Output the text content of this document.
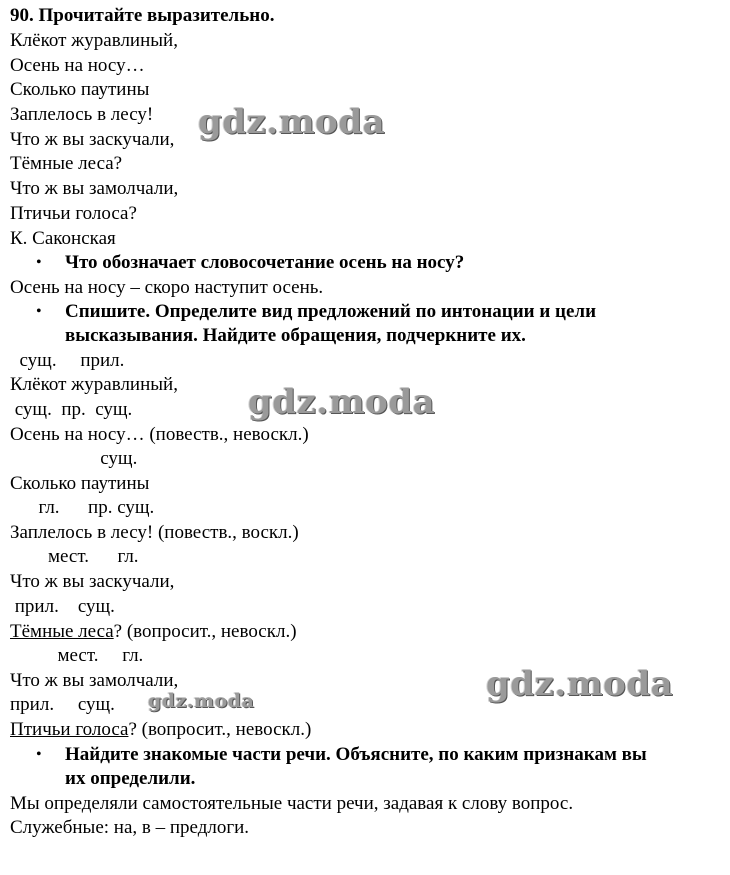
90. Прочитайте выразительно.
Клёкот журавлиный,
Осень на носу…
Сколько паутины
Заплелось в лесу!
Что ж вы заскучали,
Тёмные леса?
Что ж вы замолчали,
Птичьи голоса?
К. Саконская
• Что обозначает словосочетание осень на носу?
Осень на носу – скоро наступит осень.
• Спишите. Определите вид предложений по интонации и цели
высказывания. Найдите обращения, подчеркните их.
сущ.     прил.
Клёкот журавлиный,
сущ.  пр.  сущ.
Осень на носу… (повеств., невоскл.)
сущ.
Сколько паутины
гл.      пр. сущ.
Заплелось в лесу! (повеств., воскл.)
мест.      гл.
Что ж вы заскучали,
прил.    сущ.
Тёмные леса? (вопросит., невоскл.)
мест.     гл.
Что ж вы замолчали,
прил.     сущ.
Птичьи голоса? (вопросит., невоскл.)
• Найдите знакомые части речи. Объясните, по каким признакам вы
их определили.
Мы определяли самостоятельные части речи, задавая к слову вопрос.
Служебные: на, в – предлоги.
gdz.moda
gdz.moda
gdz.moda
gdz.moda
